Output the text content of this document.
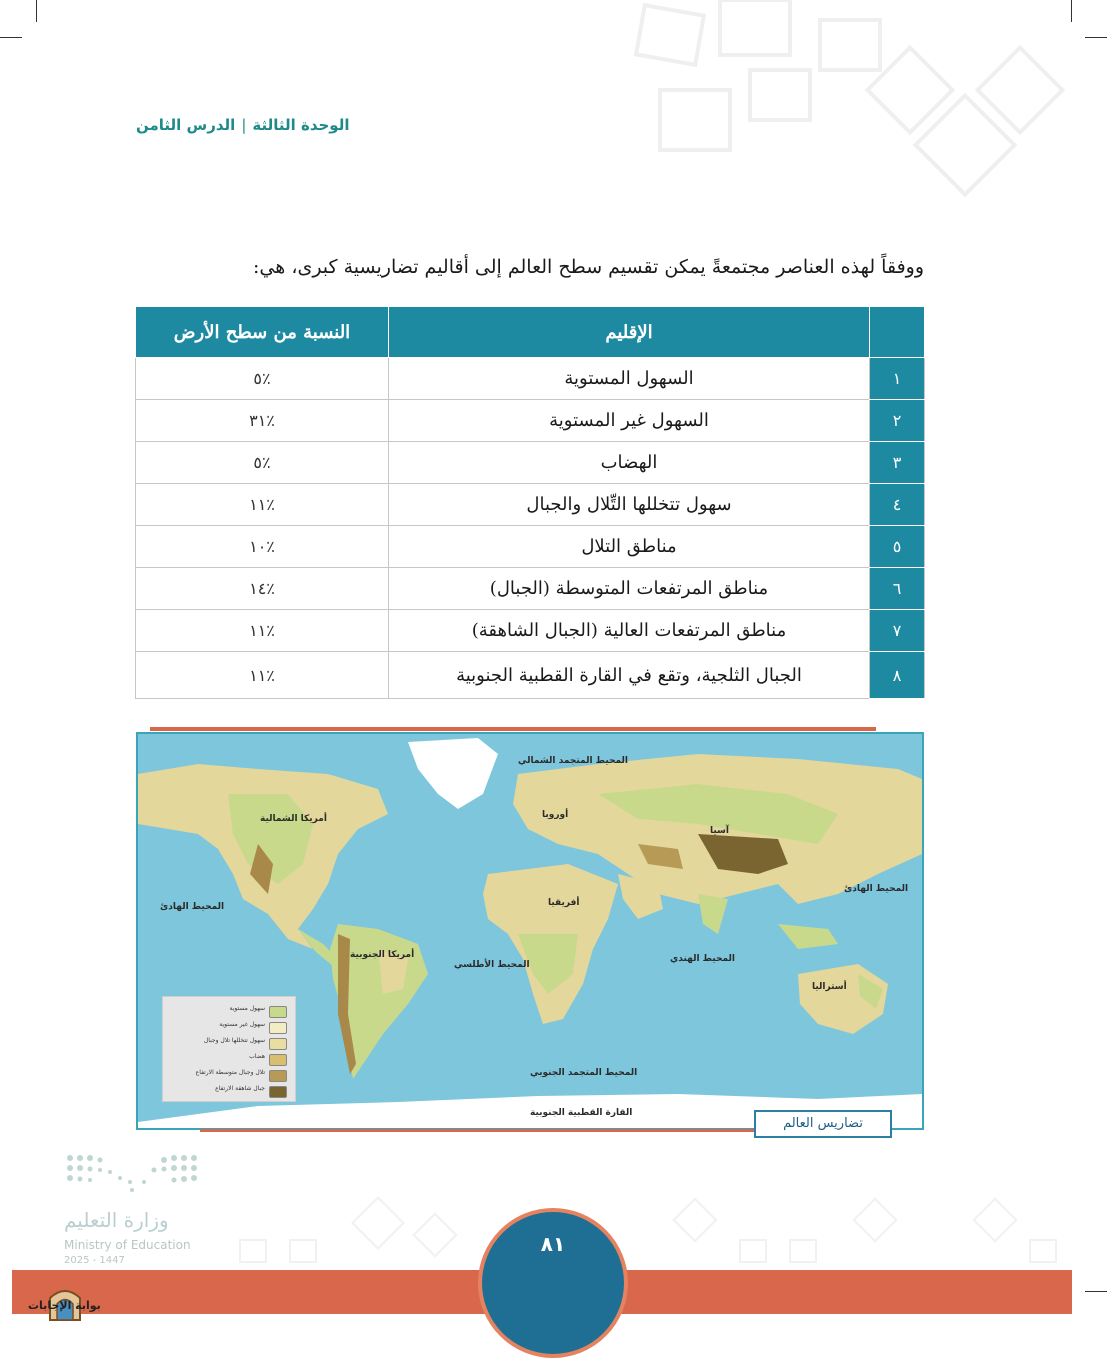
الوحدة الثالثة|الدرس الثامن
ووفقاً لهذه العناصر مجتمعةً يمكن تقسيم سطح العالم إلى أقاليم تضاريسية كبرى، هي:
	الإقليم	النسبة من سطح الأرض
١	السهول المستوية	٪٥
٢	السهول غير المستوية	٪٣١
٣	الهضاب	٪٥
٤	سهول تتخللها التِّلال والجبال	٪١١
٥	مناطق التلال	٪١٠
٦	مناطق المرتفعات المتوسطة (الجبال)	٪١٤
٧	مناطق المرتفعات العالية (الجبال الشاهقة)	٪١١
٨	الجبال الثلجية، وتقع في القارة القطبية الجنوبية	٪١١
المحيط المتجمد الشمالي
أمريكا الشمالية	أوروبا
آسيا
المحيط الهادئ
المحيط الهادئ
أفريقيا
أمريكا الجنوبية
المحيط الأطلسي
المحيط الهندي
أستراليا
المحيط المتجمد الجنوبي
القارة القطبية الجنوبية
سهول مستوية
سهول غير مستوية
سهول تتخللها تلال وجبال
هضاب
تلال وجبال متوسطة الارتفاع
جبال شاهقة الارتفاع
تضاريس العالم
وزارة التعليم
Ministry of Education
2025 - 1447
٨١
بوابة الإجابات
